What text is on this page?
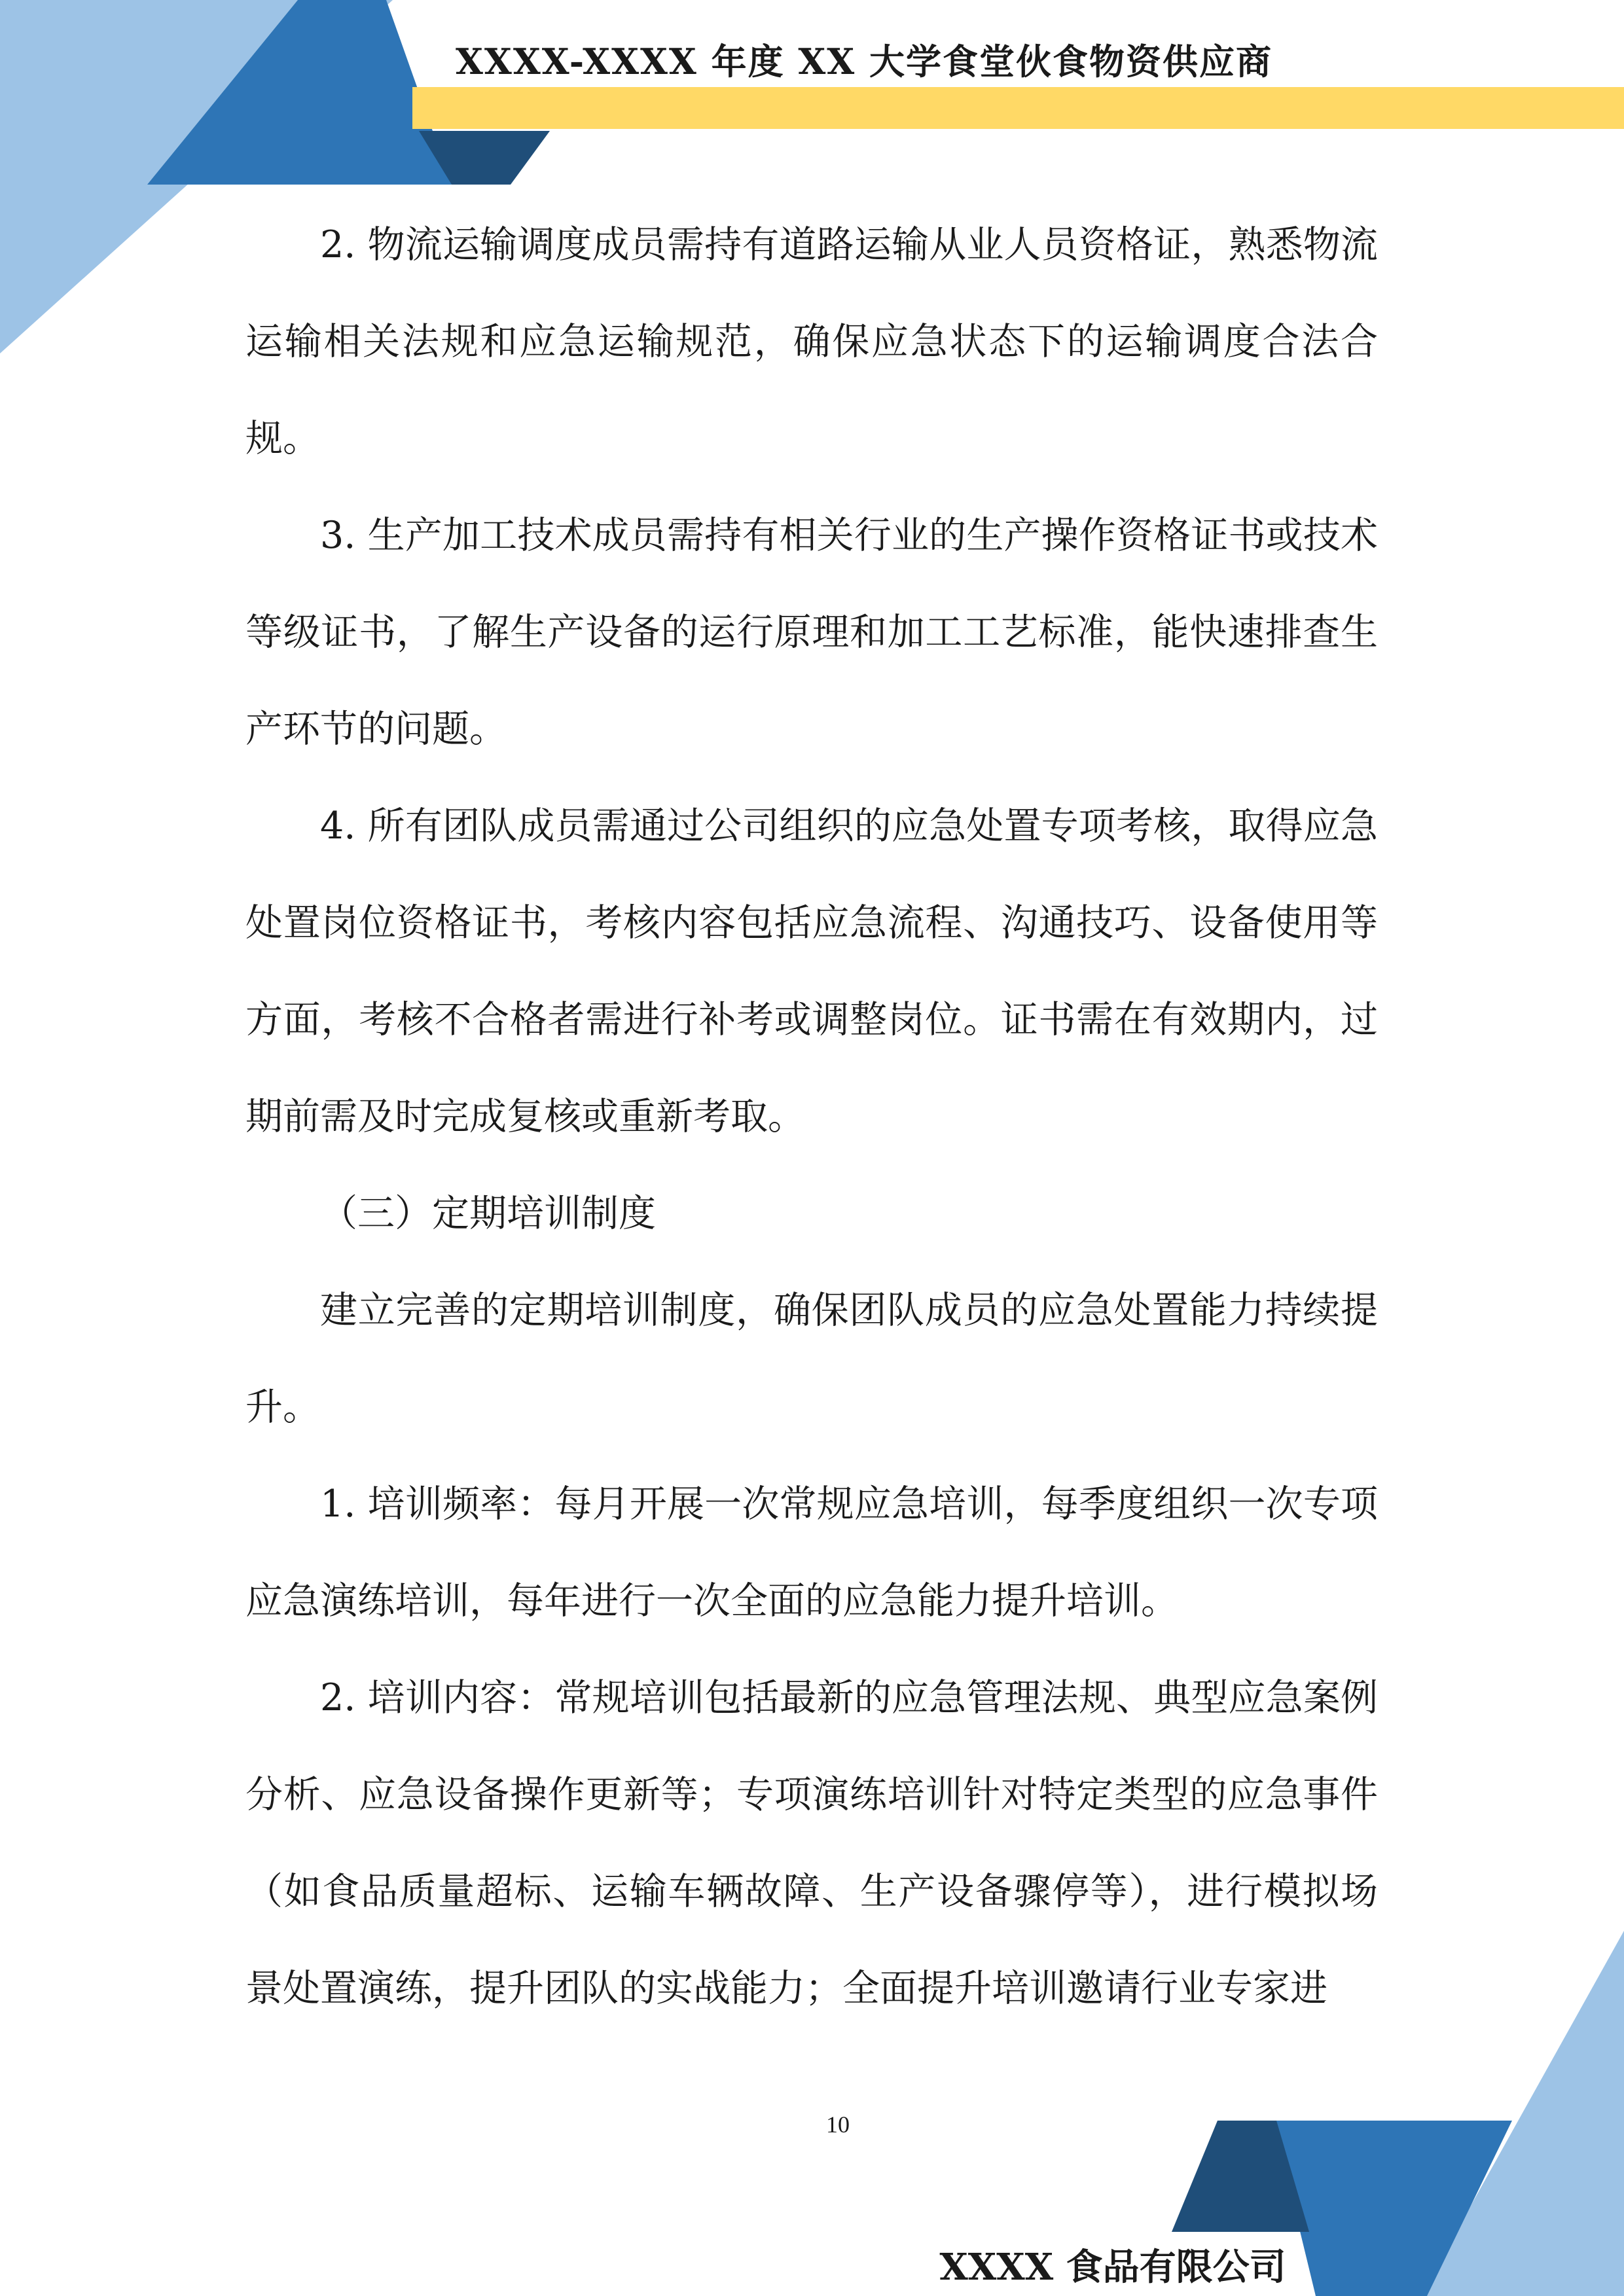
XXXX-XXXX 年度 XX 大学食堂伙食物资供应商

2. 物流运输调度成员需持有道路运输从业人员资格证，熟悉物流运输相关法规和应急运输规范，确保应急状态下的运输调度合法合规。

3. 生产加工技术成员需持有相关行业的生产操作资格证书或技术等级证书，了解生产设备的运行原理和加工工艺标准，能快速排查生产环节的问题。

4. 所有团队成员需通过公司组织的应急处置专项考核，取得应急处置岗位资格证书，考核内容包括应急流程、沟通技巧、设备使用等方面，考核不合格者需进行补考或调整岗位。证书需在有效期内，过期前需及时完成复核或重新考取。

（三）定期培训制度

建立完善的定期培训制度，确保团队成员的应急处置能力持续提升。

1. 培训频率：每月开展一次常规应急培训，每季度组织一次专项应急演练培训，每年进行一次全面的应急能力提升培训。

2. 培训内容：常规培训包括最新的应急管理法规、典型应急案例分析、应急设备操作更新等；专项演练培训针对特定类型的应急事件（如食品质量超标、运输车辆故障、生产设备骤停等），进行模拟场景处置演练，提升团队的实战能力；全面提升培训邀请行业专家进

10
XXXX 食品有限公司
